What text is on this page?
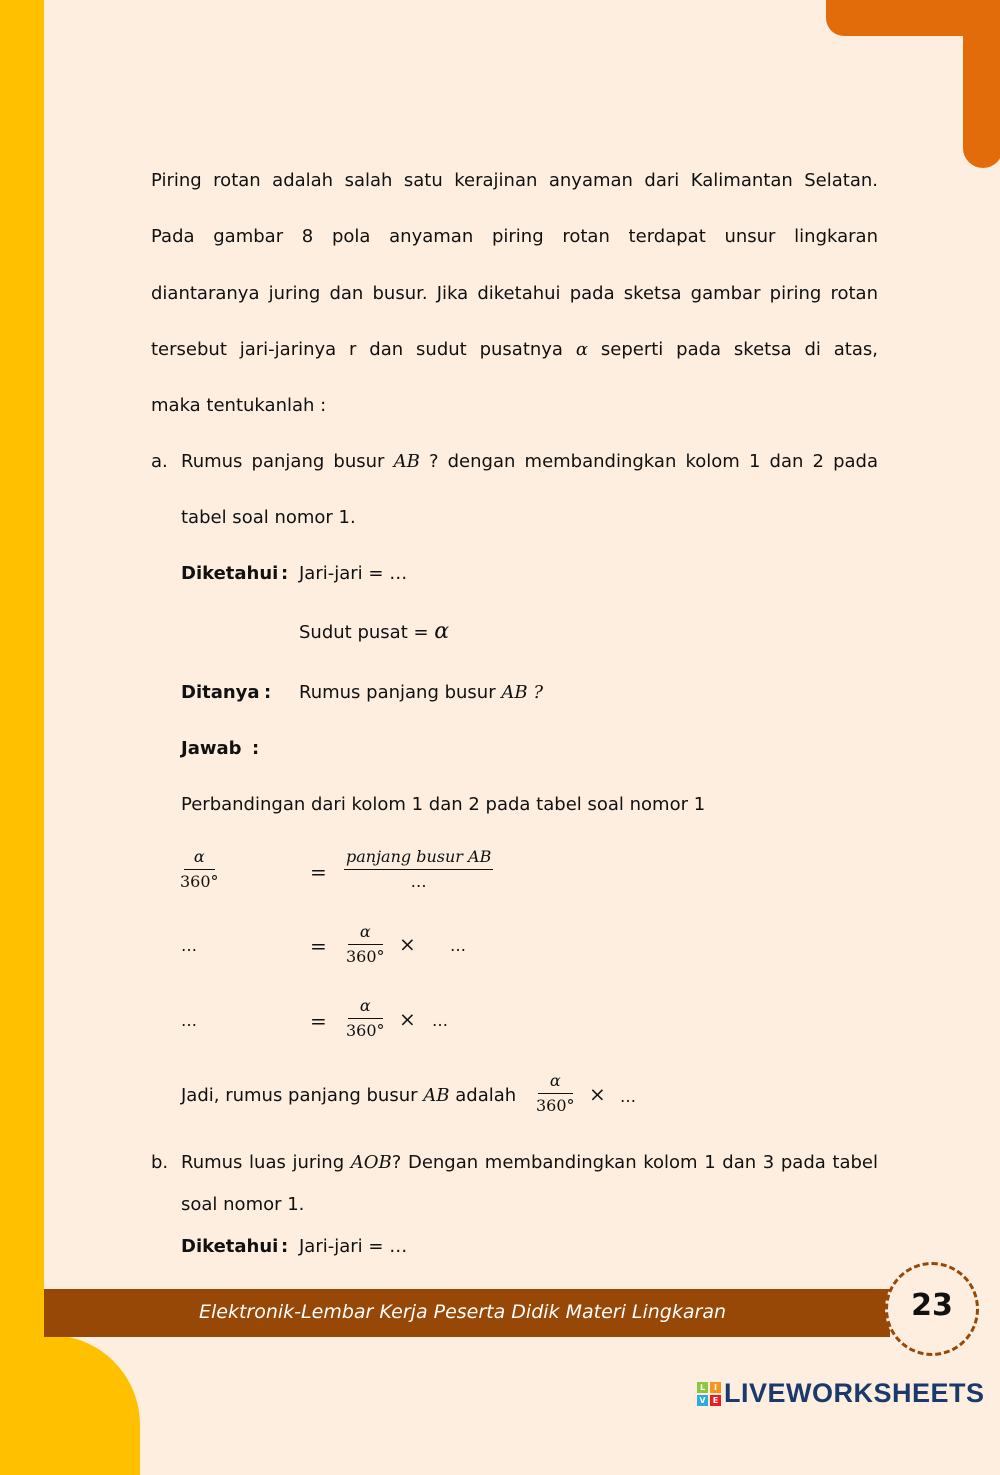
Piring rotan adalah salah satu kerajinan anyaman dari Kalimantan Selatan.
Pada gambar 8 pola anyaman piring rotan terdapat unsur lingkaran
diantaranya juring dan busur. Jika diketahui pada sketsa gambar piring rotan
tersebut jari-jarinya r dan sudut pusatnya α seperti pada sketsa di atas,
maka tentukanlah :
a. Rumus panjang busur AB ? dengan membandingkan kolom 1 dan 2 pada
tabel soal nomor 1.
Diketahui : Jari-jari = …
Sudut pusat = α
Ditanya : Rumus panjang busur AB ?
Jawab :
Perbandingan dari kolom 1 dan 2 pada tabel soal nomor 1
$\frac{\alpha}{360^\circ}$	=
panjang busur AB
…
…	= $\frac{\alpha}{360^\circ}$ × …
…	= $\frac{\alpha}{360^\circ}$ × …
Jadi, rumus panjang busur AB adalah $\frac{\alpha}{360^\circ}$ × …
b. Rumus luas juring AOB? Dengan membandingkan kolom 1 dan 3 pada tabel
soal nomor 1.
Diketahui : Jari-jari = …
Elektronik-Lembar Kerja Peserta Didik Materi Lingkaran	23
L	I
V E LIVEWORKSHEETS
